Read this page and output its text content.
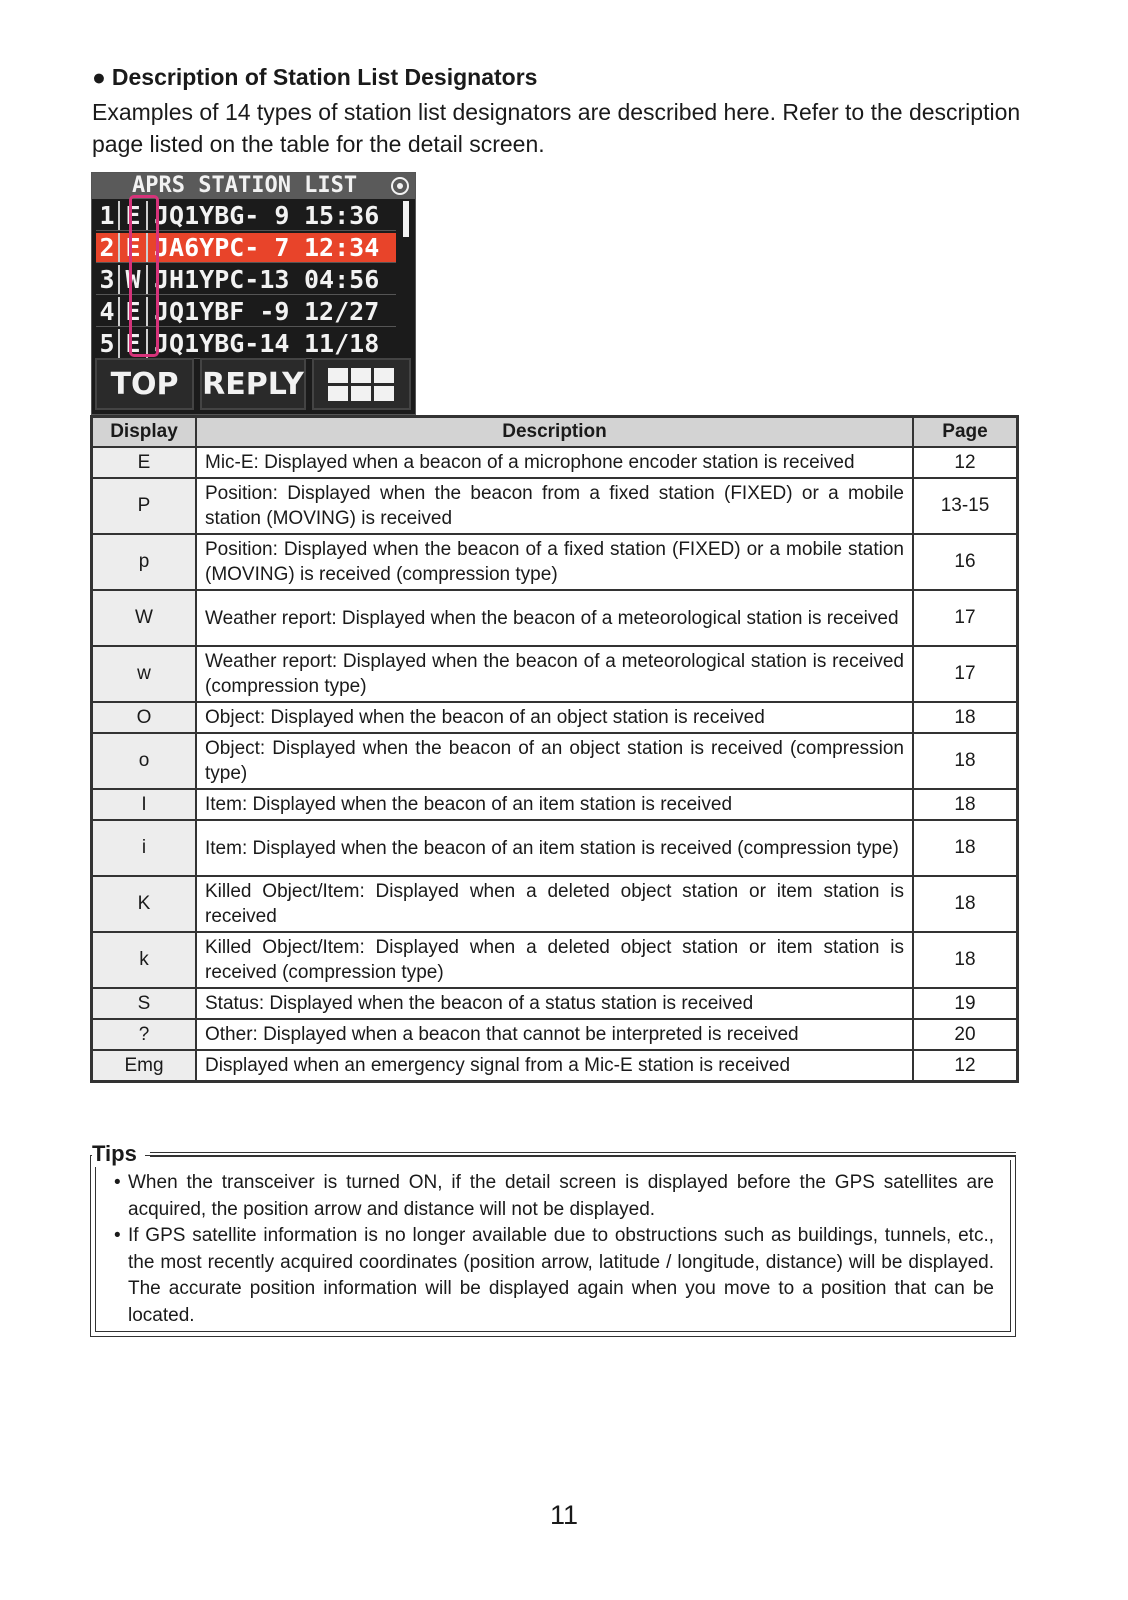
● Description of Station List Designators

Examples of 14 types of station list designators are described here. Refer to the description page listed on the table for the detail screen.

APRS STATION LIST
1 E JQ1YBG- 9 15:36
2 E JA6YPC- 7 12:34
3 W JH1YPC-13 04:56
4 E JQ1YBF -9 12/27
5 E JQ1YBG-14 11/18
TOP REPLY
Display	Description	Page
E	Mic-E: Displayed when a beacon of a microphone encoder station is received	12
P	Position: Displayed when the beacon from a fixed station (FIXED) or a mobile station (MOVING) is received	13-15
p	Position: Displayed when the beacon of a fixed station (FIXED) or a mobile station (MOVING) is received (compression type)	16
W	Weather report: Displayed when the beacon of a meteorological station is received	17
w	Weather report: Displayed when the beacon of a meteorological station is received (compression type)	17
O	Object: Displayed when the beacon of an object station is received	18
o	Object: Displayed when the beacon of an object station is received (compression type)	18
I	Item: Displayed when the beacon of an item station is received	18
i	Item: Displayed when the beacon of an item station is received (compression type)	18
K	Killed Object/Item: Displayed when a deleted object station or item station is received	18
k	Killed Object/Item: Displayed when a deleted object station or item station is received (compression type)	18
S	Status: Displayed when the beacon of a status station is received	19
?	Other: Displayed when a beacon that cannot be interpreted is received	20
Emg	Displayed when an emergency signal from a Mic-E station is received	12
Tips
• When the transceiver is turned ON, if the detail screen is displayed before the GPS satellites are acquired, the position arrow and distance will not be displayed.
• If GPS satellite information is no longer available due to obstructions such as buildings, tunnels, etc., the most recently acquired coordinates (position arrow, latitude / longitude, distance) will be displayed. The accurate position information will be displayed again when you move to a position that can be located.
11
